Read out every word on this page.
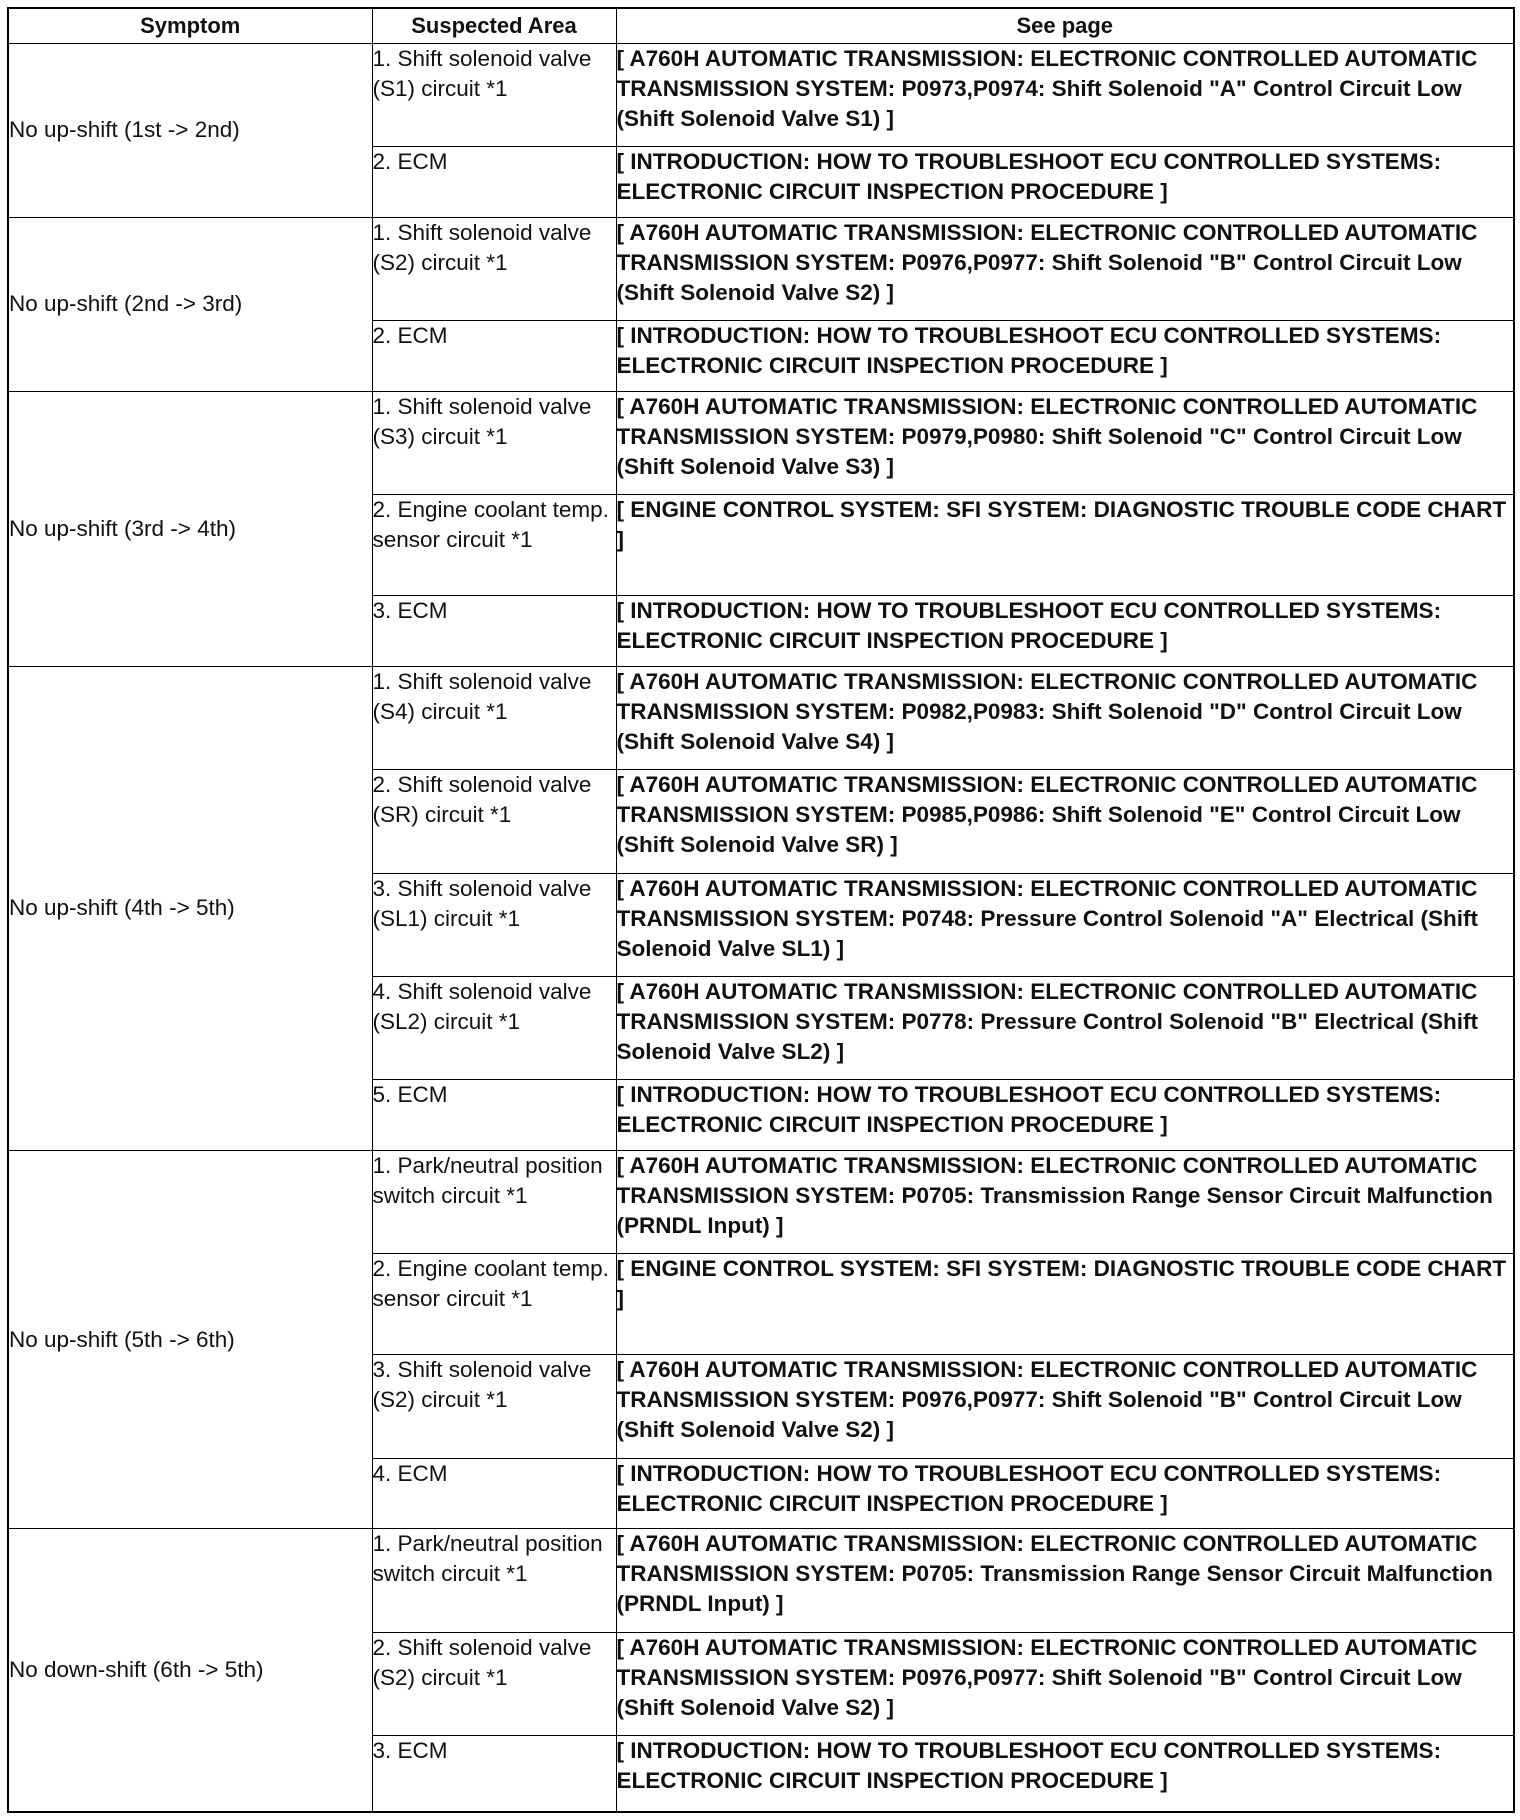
Symptom	Suspected Area	See page
No up-shift (1st -> 2nd)	1. Shift solenoid valve (S1) circuit *1	[ A760H AUTOMATIC TRANSMISSION: ELECTRONIC CONTROLLED AUTOMATIC TRANSMISSION SYSTEM: P0973,P0974: Shift Solenoid "A" Control Circuit Low (Shift Solenoid Valve S1) ]
	2. ECM	[ INTRODUCTION: HOW TO TROUBLESHOOT ECU CONTROLLED SYSTEMS: ELECTRONIC CIRCUIT INSPECTION PROCEDURE ]
No up-shift (2nd -> 3rd)	1. Shift solenoid valve (S2) circuit *1	[ A760H AUTOMATIC TRANSMISSION: ELECTRONIC CONTROLLED AUTOMATIC TRANSMISSION SYSTEM: P0976,P0977: Shift Solenoid "B" Control Circuit Low (Shift Solenoid Valve S2) ]
	2. ECM	[ INTRODUCTION: HOW TO TROUBLESHOOT ECU CONTROLLED SYSTEMS: ELECTRONIC CIRCUIT INSPECTION PROCEDURE ]
No up-shift (3rd -> 4th)	1. Shift solenoid valve (S3) circuit *1	[ A760H AUTOMATIC TRANSMISSION: ELECTRONIC CONTROLLED AUTOMATIC TRANSMISSION SYSTEM: P0979,P0980: Shift Solenoid "C" Control Circuit Low (Shift Solenoid Valve S3) ]
	2. Engine coolant temp. sensor circuit *1	[ ENGINE CONTROL SYSTEM: SFI SYSTEM: DIAGNOSTIC TROUBLE CODE CHART ]
	3. ECM	[ INTRODUCTION: HOW TO TROUBLESHOOT ECU CONTROLLED SYSTEMS: ELECTRONIC CIRCUIT INSPECTION PROCEDURE ]
No up-shift (4th -> 5th)	1. Shift solenoid valve (S4) circuit *1	[ A760H AUTOMATIC TRANSMISSION: ELECTRONIC CONTROLLED AUTOMATIC TRANSMISSION SYSTEM: P0982,P0983: Shift Solenoid "D" Control Circuit Low (Shift Solenoid Valve S4) ]
	2. Shift solenoid valve (SR) circuit *1	[ A760H AUTOMATIC TRANSMISSION: ELECTRONIC CONTROLLED AUTOMATIC TRANSMISSION SYSTEM: P0985,P0986: Shift Solenoid "E" Control Circuit Low (Shift Solenoid Valve SR) ]
	3. Shift solenoid valve (SL1) circuit *1	[ A760H AUTOMATIC TRANSMISSION: ELECTRONIC CONTROLLED AUTOMATIC TRANSMISSION SYSTEM: P0748: Pressure Control Solenoid "A" Electrical (Shift Solenoid Valve SL1) ]
	4. Shift solenoid valve (SL2) circuit *1	[ A760H AUTOMATIC TRANSMISSION: ELECTRONIC CONTROLLED AUTOMATIC TRANSMISSION SYSTEM: P0778: Pressure Control Solenoid "B" Electrical (Shift Solenoid Valve SL2) ]
	5. ECM	[ INTRODUCTION: HOW TO TROUBLESHOOT ECU CONTROLLED SYSTEMS: ELECTRONIC CIRCUIT INSPECTION PROCEDURE ]
No up-shift (5th -> 6th)	1. Park/neutral position switch circuit *1	[ A760H AUTOMATIC TRANSMISSION: ELECTRONIC CONTROLLED AUTOMATIC TRANSMISSION SYSTEM: P0705: Transmission Range Sensor Circuit Malfunction (PRNDL Input) ]
	2. Engine coolant temp. sensor circuit *1	[ ENGINE CONTROL SYSTEM: SFI SYSTEM: DIAGNOSTIC TROUBLE CODE CHART ]
	3. Shift solenoid valve (S2) circuit *1	[ A760H AUTOMATIC TRANSMISSION: ELECTRONIC CONTROLLED AUTOMATIC TRANSMISSION SYSTEM: P0976,P0977: Shift Solenoid "B" Control Circuit Low (Shift Solenoid Valve S2) ]
	4. ECM	[ INTRODUCTION: HOW TO TROUBLESHOOT ECU CONTROLLED SYSTEMS: ELECTRONIC CIRCUIT INSPECTION PROCEDURE ]
No down-shift (6th -> 5th)	1. Park/neutral position switch circuit *1	[ A760H AUTOMATIC TRANSMISSION: ELECTRONIC CONTROLLED AUTOMATIC TRANSMISSION SYSTEM: P0705: Transmission Range Sensor Circuit Malfunction (PRNDL Input) ]
	2. Shift solenoid valve (S2) circuit *1	[ A760H AUTOMATIC TRANSMISSION: ELECTRONIC CONTROLLED AUTOMATIC TRANSMISSION SYSTEM: P0976,P0977: Shift Solenoid "B" Control Circuit Low (Shift Solenoid Valve S2) ]
	3. ECM	[ INTRODUCTION: HOW TO TROUBLESHOOT ECU CONTROLLED SYSTEMS: ELECTRONIC CIRCUIT INSPECTION PROCEDURE ]
